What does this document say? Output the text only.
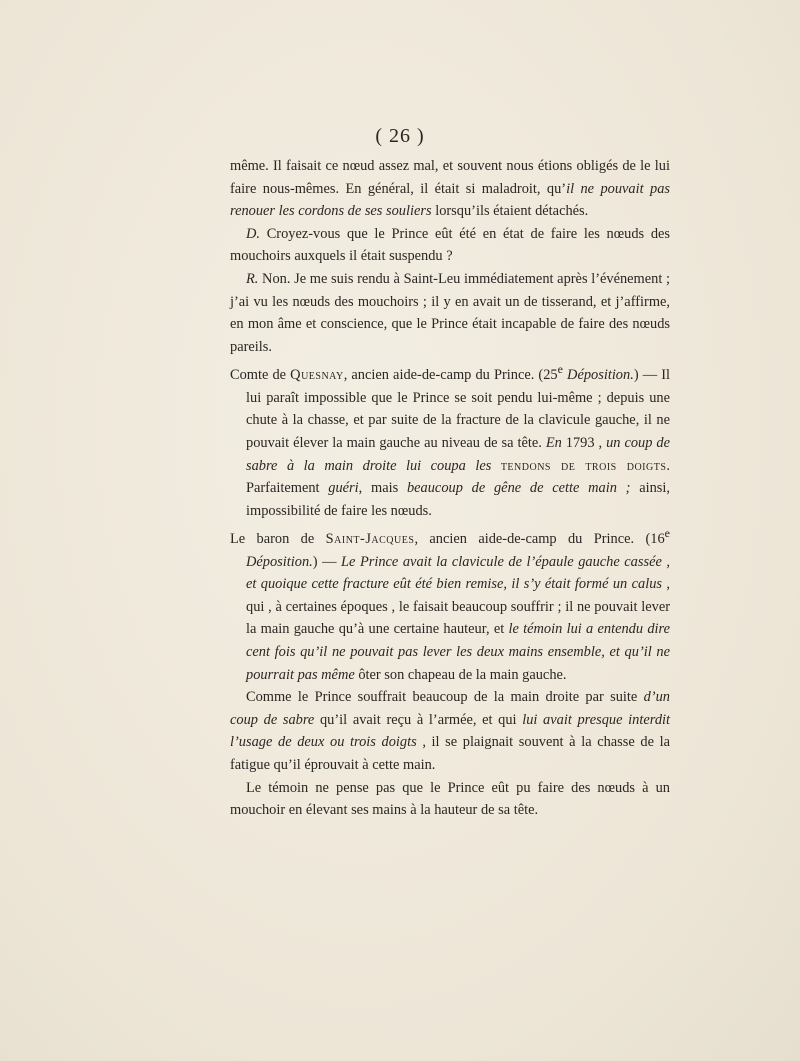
( 26 )

même. Il faisait ce nœud assez mal, et souvent nous étions obligés de le lui faire nous-mêmes. En général, il était si maladroit, qu’il ne pouvait pas renouer les cordons de ses souliers lorsqu’ils étaient détachés.

D. Croyez-vous que le Prince eût été en état de faire les nœuds des mouchoirs auxquels il était suspendu ?

R. Non. Je me suis rendu à Saint-Leu immédiatement après l’événement ; j’ai vu les nœuds des mouchoirs ; il y en avait un de tisserand, et j’affirme, en mon âme et conscience, que le Prince était incapable de faire des nœuds pareils.

Comte de Quesnay, ancien aide-de-camp du Prince. (25e Déposition.) — Il lui paraît impossible que le Prince se soit pendu lui-même ; depuis une chute à la chasse, et par suite de la fracture de la clavicule gauche, il ne pouvait élever la main gauche au niveau de sa tête. En 1793 , un coup de sabre à la main droite lui coupa les tendons de trois doigts. Parfaitement guéri, mais beaucoup de gêne de cette main ; ainsi, impossibilité de faire les nœuds.

Le baron de Saint-Jacques, ancien aide-de-camp du Prince. (16e Déposition.) — Le Prince avait la clavicule de l’épaule gauche cassée , et quoique cette fracture eût été bien remise, il s’y était formé un calus , qui , à certaines époques , le faisait beaucoup souffrir ; il ne pouvait lever la main gauche qu’à une certaine hauteur, et le témoin lui a entendu dire cent fois qu’il ne pouvait pas lever les deux mains ensemble, et qu’il ne pourrait pas même ôter son chapeau de la main gauche.

Comme le Prince souffrait beaucoup de la main droite par suite d’un coup de sabre qu’il avait reçu à l’armée, et qui lui avait presque interdit l’usage de deux ou trois doigts , il se plaignait souvent à la chasse de la fatigue qu’il éprouvait à cette main.

Le témoin ne pense pas que le Prince eût pu faire des nœuds à un mouchoir en élevant ses mains à la hauteur de sa tête.
